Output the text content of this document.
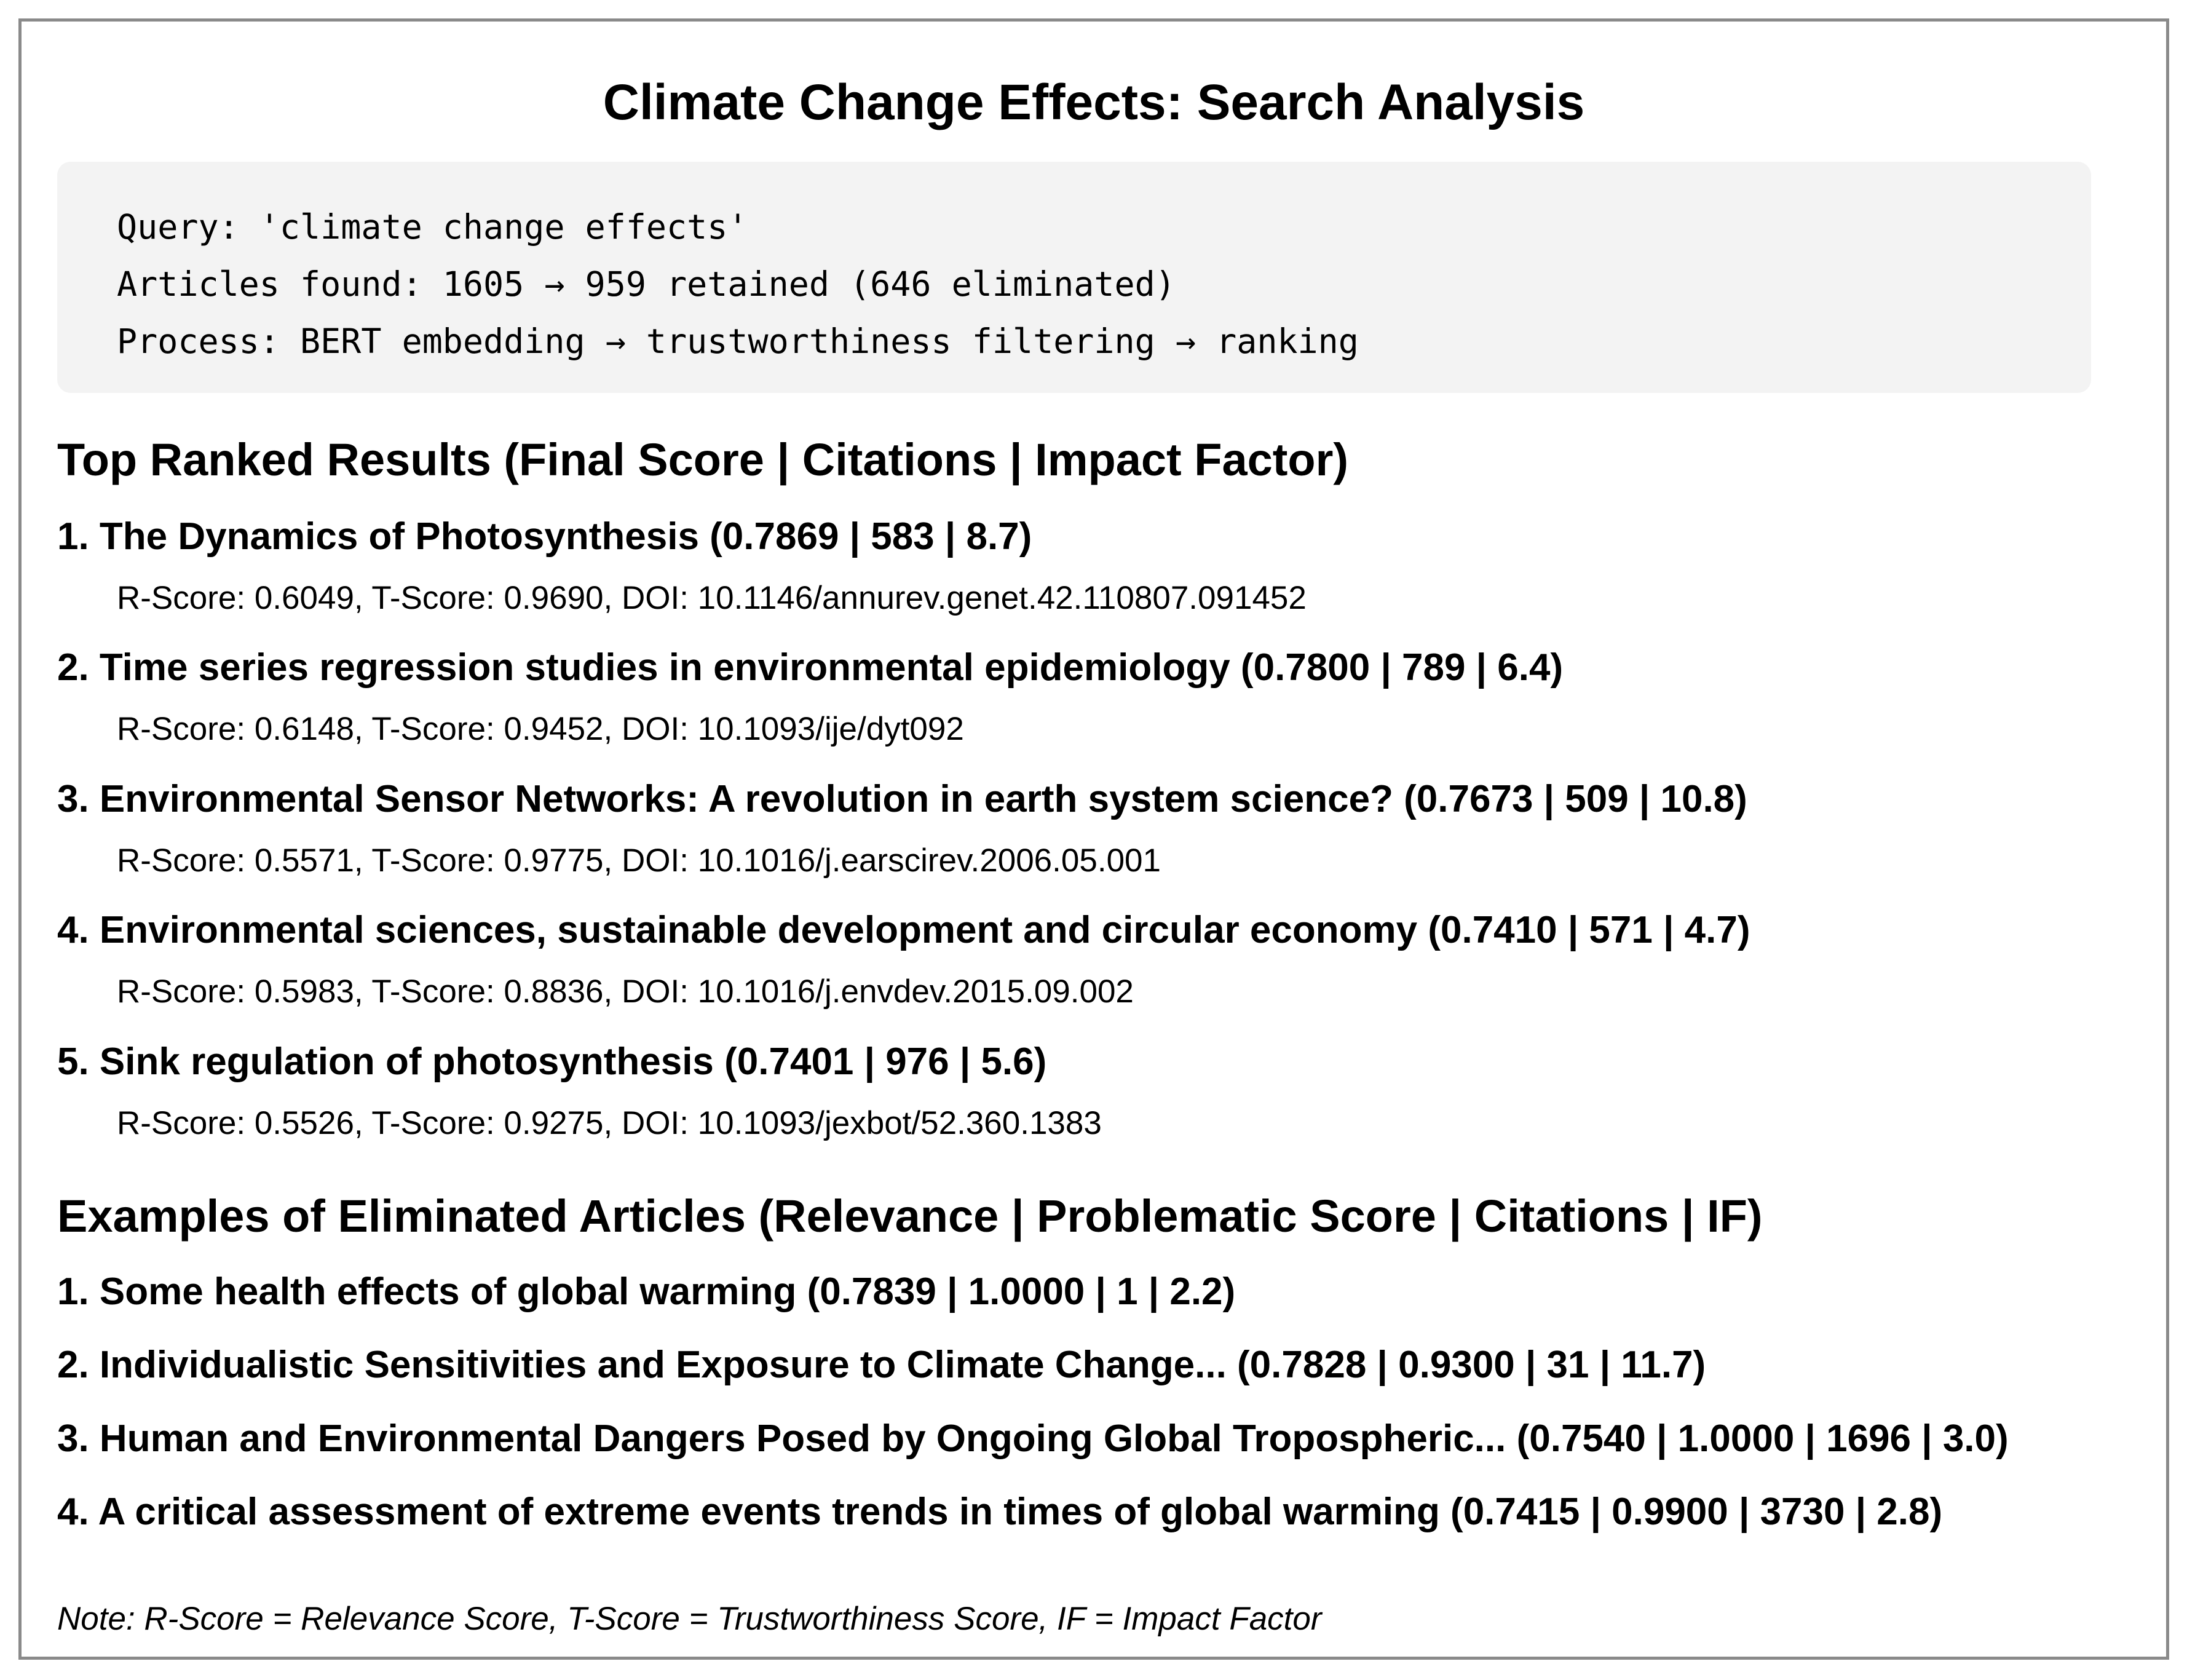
Climate Change Effects: Search Analysis
Query: 'climate change effects'
Articles found: 1605 → 959 retained (646 eliminated)
Process: BERT embedding → trustworthiness filtering → ranking
Top Ranked Results (Final Score | Citations | Impact Factor)
1. The Dynamics of Photosynthesis (0.7869 | 583 | 8.7)
R-Score: 0.6049, T-Score: 0.9690, DOI: 10.1146/annurev.genet.42.110807.091452
2. Time series regression studies in environmental epidemiology (0.7800 | 789 | 6.4)
R-Score: 0.6148, T-Score: 0.9452, DOI: 10.1093/ije/dyt092
3. Environmental Sensor Networks: A revolution in earth system science? (0.7673 | 509 | 10.8)
R-Score: 0.5571, T-Score: 0.9775, DOI: 10.1016/j.earscirev.2006.05.001
4. Environmental sciences, sustainable development and circular economy (0.7410 | 571 | 4.7)
R-Score: 0.5983, T-Score: 0.8836, DOI: 10.1016/j.envdev.2015.09.002
5. Sink regulation of photosynthesis (0.7401 | 976 | 5.6)
R-Score: 0.5526, T-Score: 0.9275, DOI: 10.1093/jexbot/52.360.1383
Examples of Eliminated Articles (Relevance | Problematic Score | Citations | IF)
1. Some health effects of global warming (0.7839 | 1.0000 | 1 | 2.2)
2. Individualistic Sensitivities and Exposure to Climate Change... (0.7828 | 0.9300 | 31 | 11.7)
3. Human and Environmental Dangers Posed by Ongoing Global Tropospheric... (0.7540 | 1.0000 | 1696 | 3.0)
4. A critical assessment of extreme events trends in times of global warming (0.7415 | 0.9900 | 3730 | 2.8)
Note: R-Score = Relevance Score, T-Score = Trustworthiness Score, IF = Impact Factor
